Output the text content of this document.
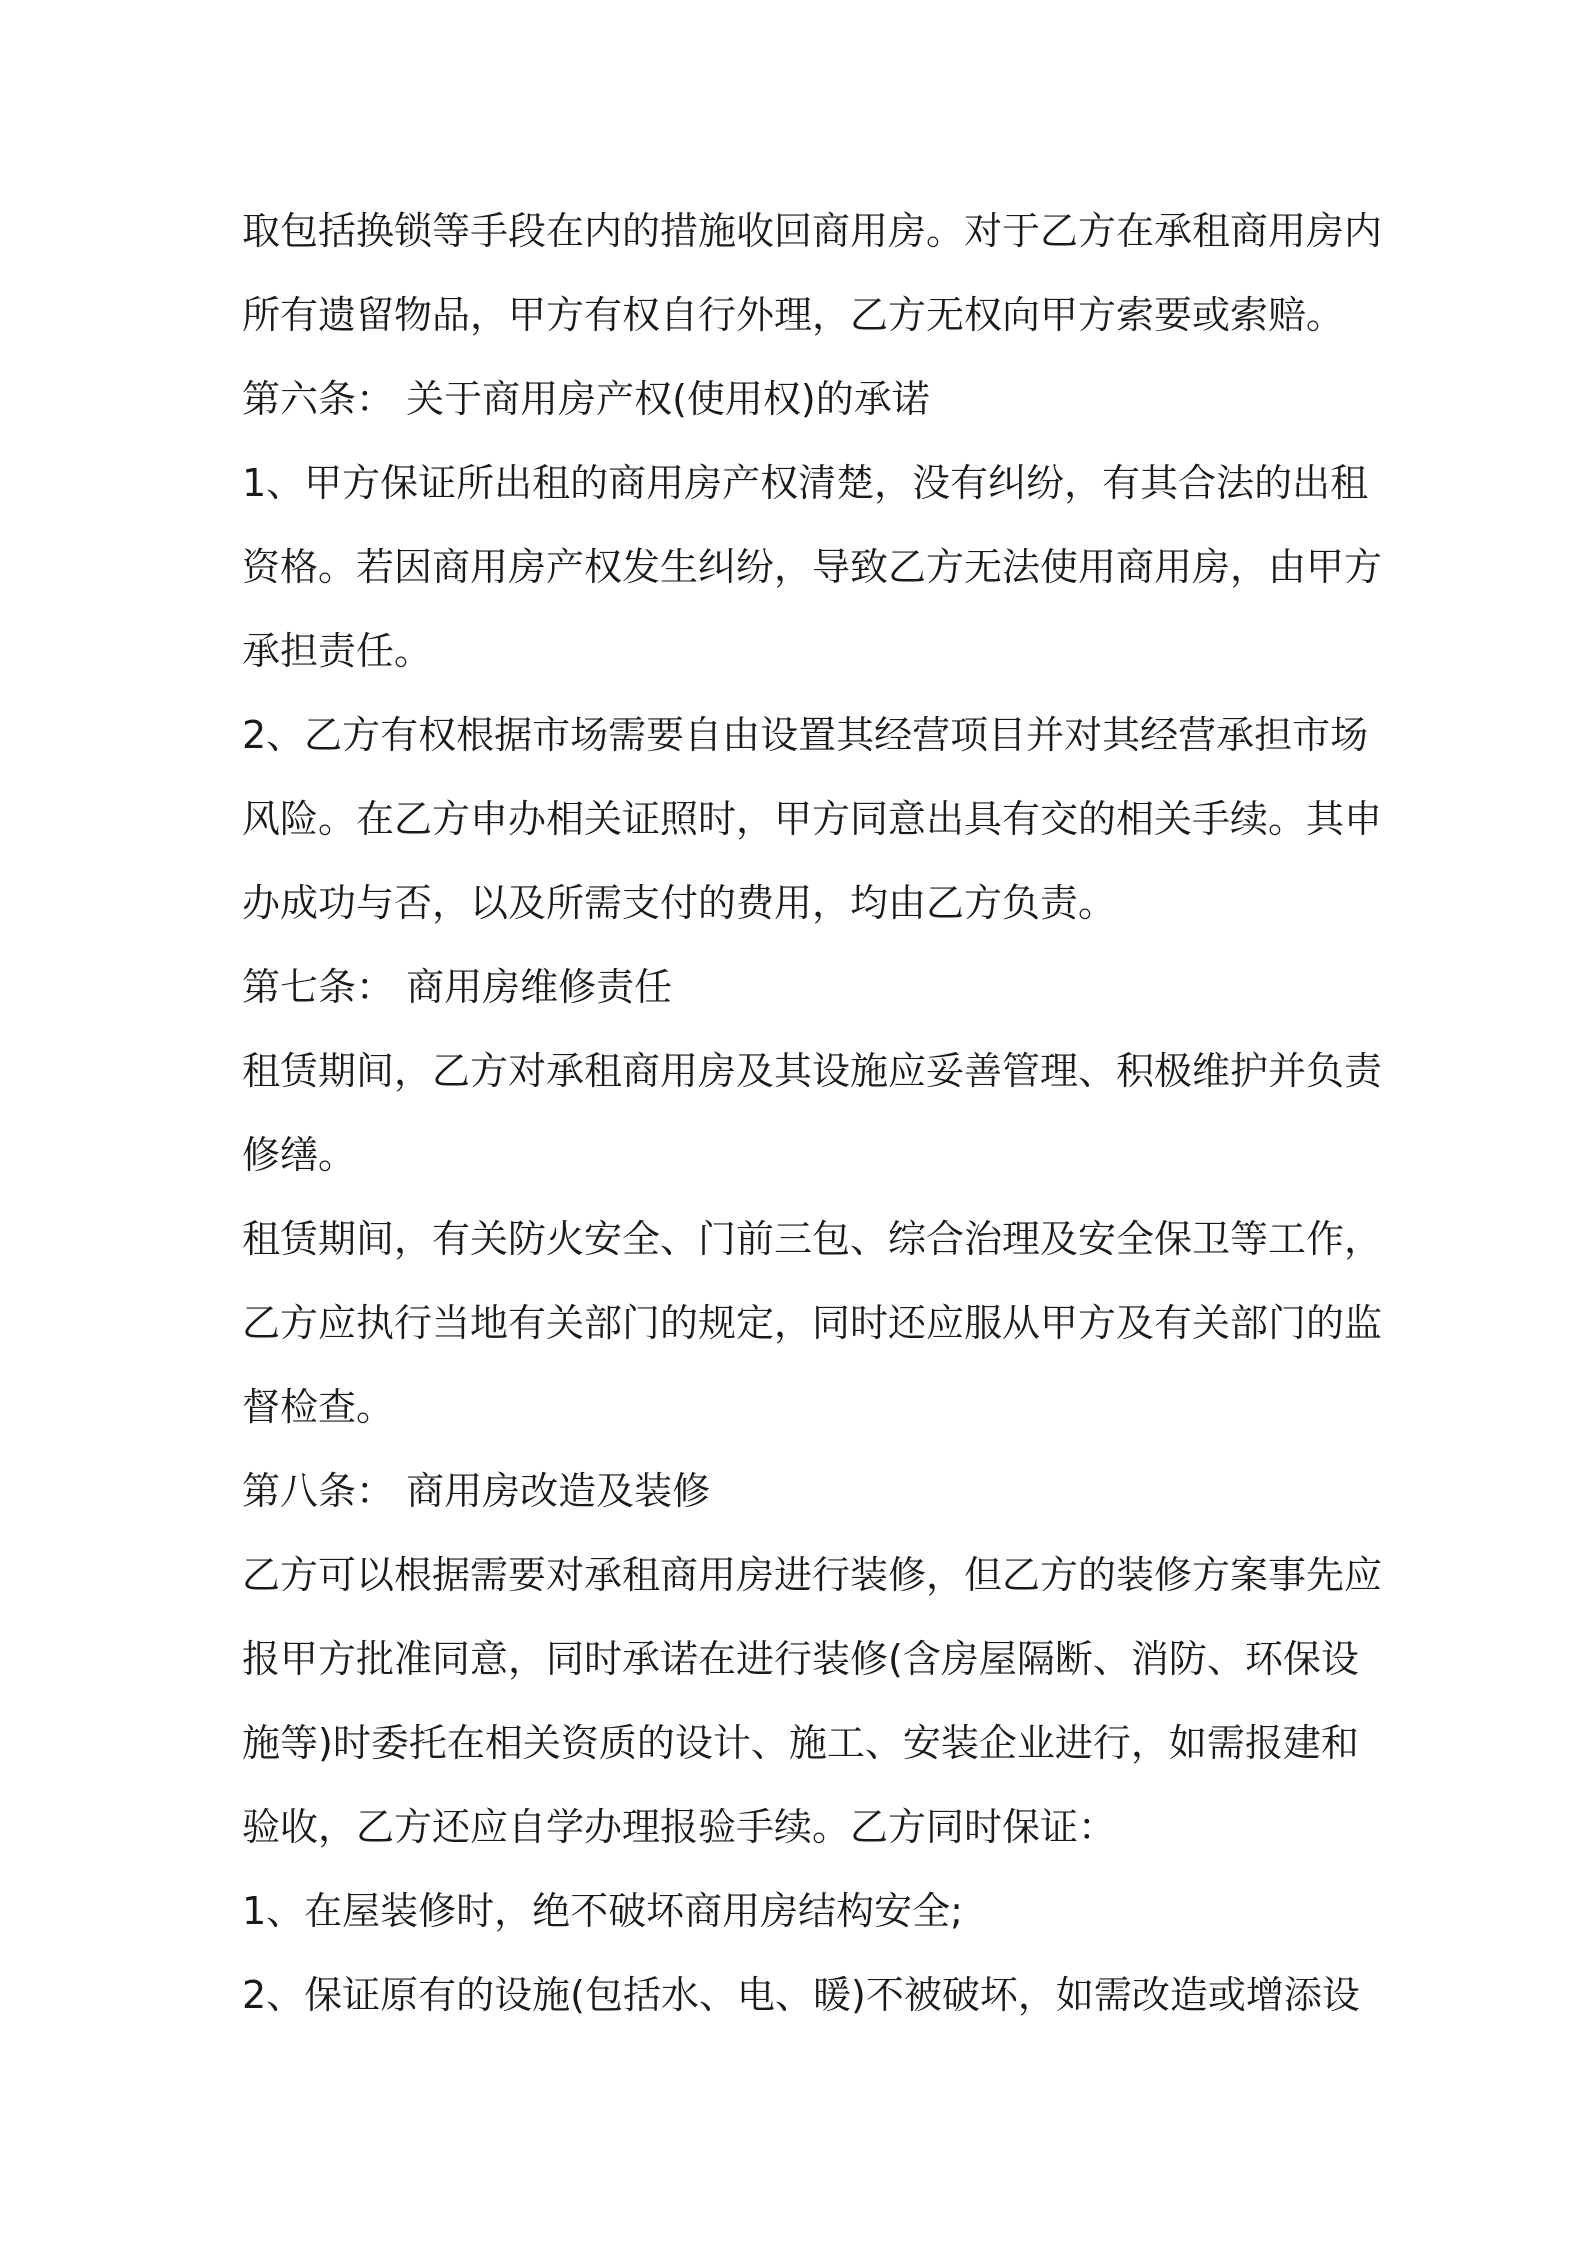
取包括换锁等手段在内的措施收回商用房。对于乙方在承租商用房内
所有遗留物品，甲方有权自行外理，乙方无权向甲方索要或索赔。
第六条： 关于商用房产权(使用权)的承诺
1、甲方保证所出租的商用房产权清楚，没有纠纷，有其合法的出租
资格。若因商用房产权发生纠纷，导致乙方无法使用商用房，由甲方
承担责任。
2、乙方有权根据市场需要自由设置其经营项目并对其经营承担市场
风险。在乙方申办相关证照时，甲方同意出具有交的相关手续。其申
办成功与否，以及所需支付的费用，均由乙方负责。
第七条： 商用房维修责任
租赁期间，乙方对承租商用房及其设施应妥善管理、积极维护并负责
修缮。
租赁期间，有关防火安全、门前三包、综合治理及安全保卫等工作，
乙方应执行当地有关部门的规定，同时还应服从甲方及有关部门的监
督检查。
第八条： 商用房改造及装修
乙方可以根据需要对承租商用房进行装修，但乙方的装修方案事先应
报甲方批准同意，同时承诺在进行装修(含房屋隔断、消防、环保设
施等)时委托在相关资质的设计、施工、安装企业进行，如需报建和
验收，乙方还应自学办理报验手续。乙方同时保证：
1、在屋装修时，绝不破坏商用房结构安全;
2、保证原有的设施(包括水、电、暖)不被破坏，如需改造或增添设
